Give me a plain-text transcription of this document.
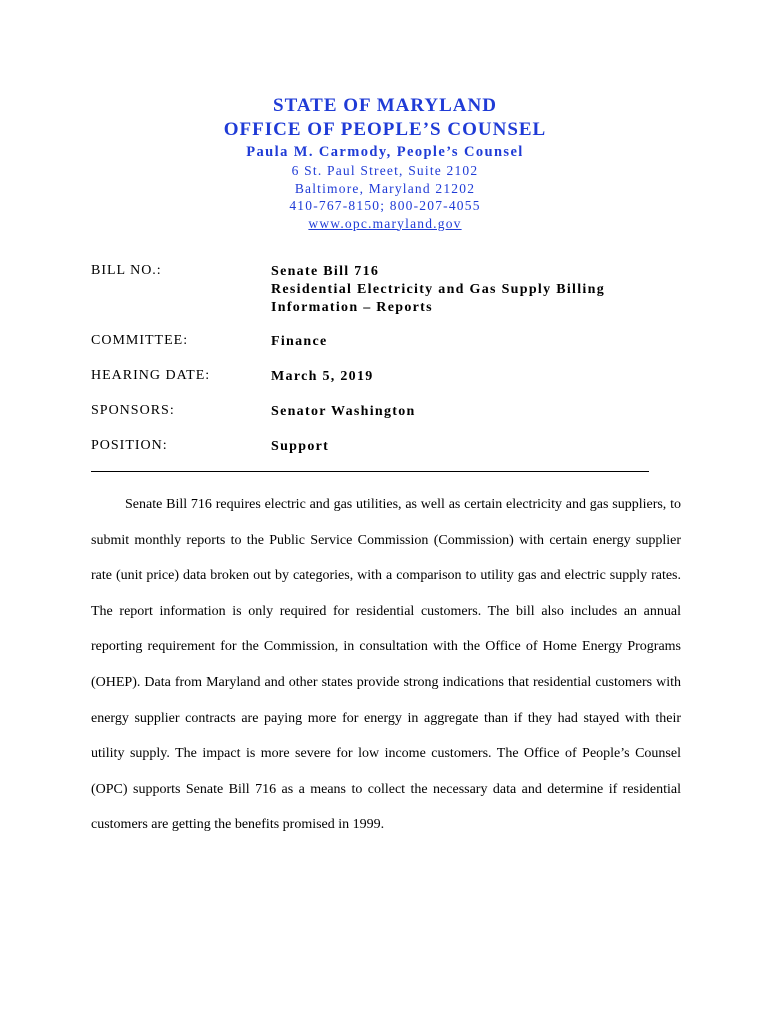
STATE OF MARYLAND

OFFICE OF PEOPLE’S COUNSEL

Paula M. Carmody, People’s Counsel

6 St. Paul Street, Suite 2102

Baltimore, Maryland 21202

410-767-8150; 800-207-4055

www.opc.maryland.gov

BILL NO.:	Senate Bill 716
Residential Electricity and Gas Supply Billing
Information – Reports
COMMITTEE:	Finance
HEARING DATE:	March 5, 2019
SPONSORS:	Senator Washington
POSITION:	Support

Senate Bill 716 requires electric and gas utilities, as well as certain electricity and gas suppliers, to submit monthly reports to the Public Service Commission (Commission) with certain energy supplier rate (unit price) data broken out by categories, with a comparison to utility gas and electric supply rates. The report information is only required for residential customers. The bill also includes an annual reporting requirement for the Commission, in consultation with the Office of Home Energy Programs (OHEP). Data from Maryland and other states provide strong indications that residential customers with energy supplier contracts are paying more for energy in aggregate than if they had stayed with their utility supply. The impact is more severe for low income customers. The Office of People’s Counsel (OPC) supports Senate Bill 716 as a means to collect the necessary data and determine if residential customers are getting the benefits promised in 1999.
